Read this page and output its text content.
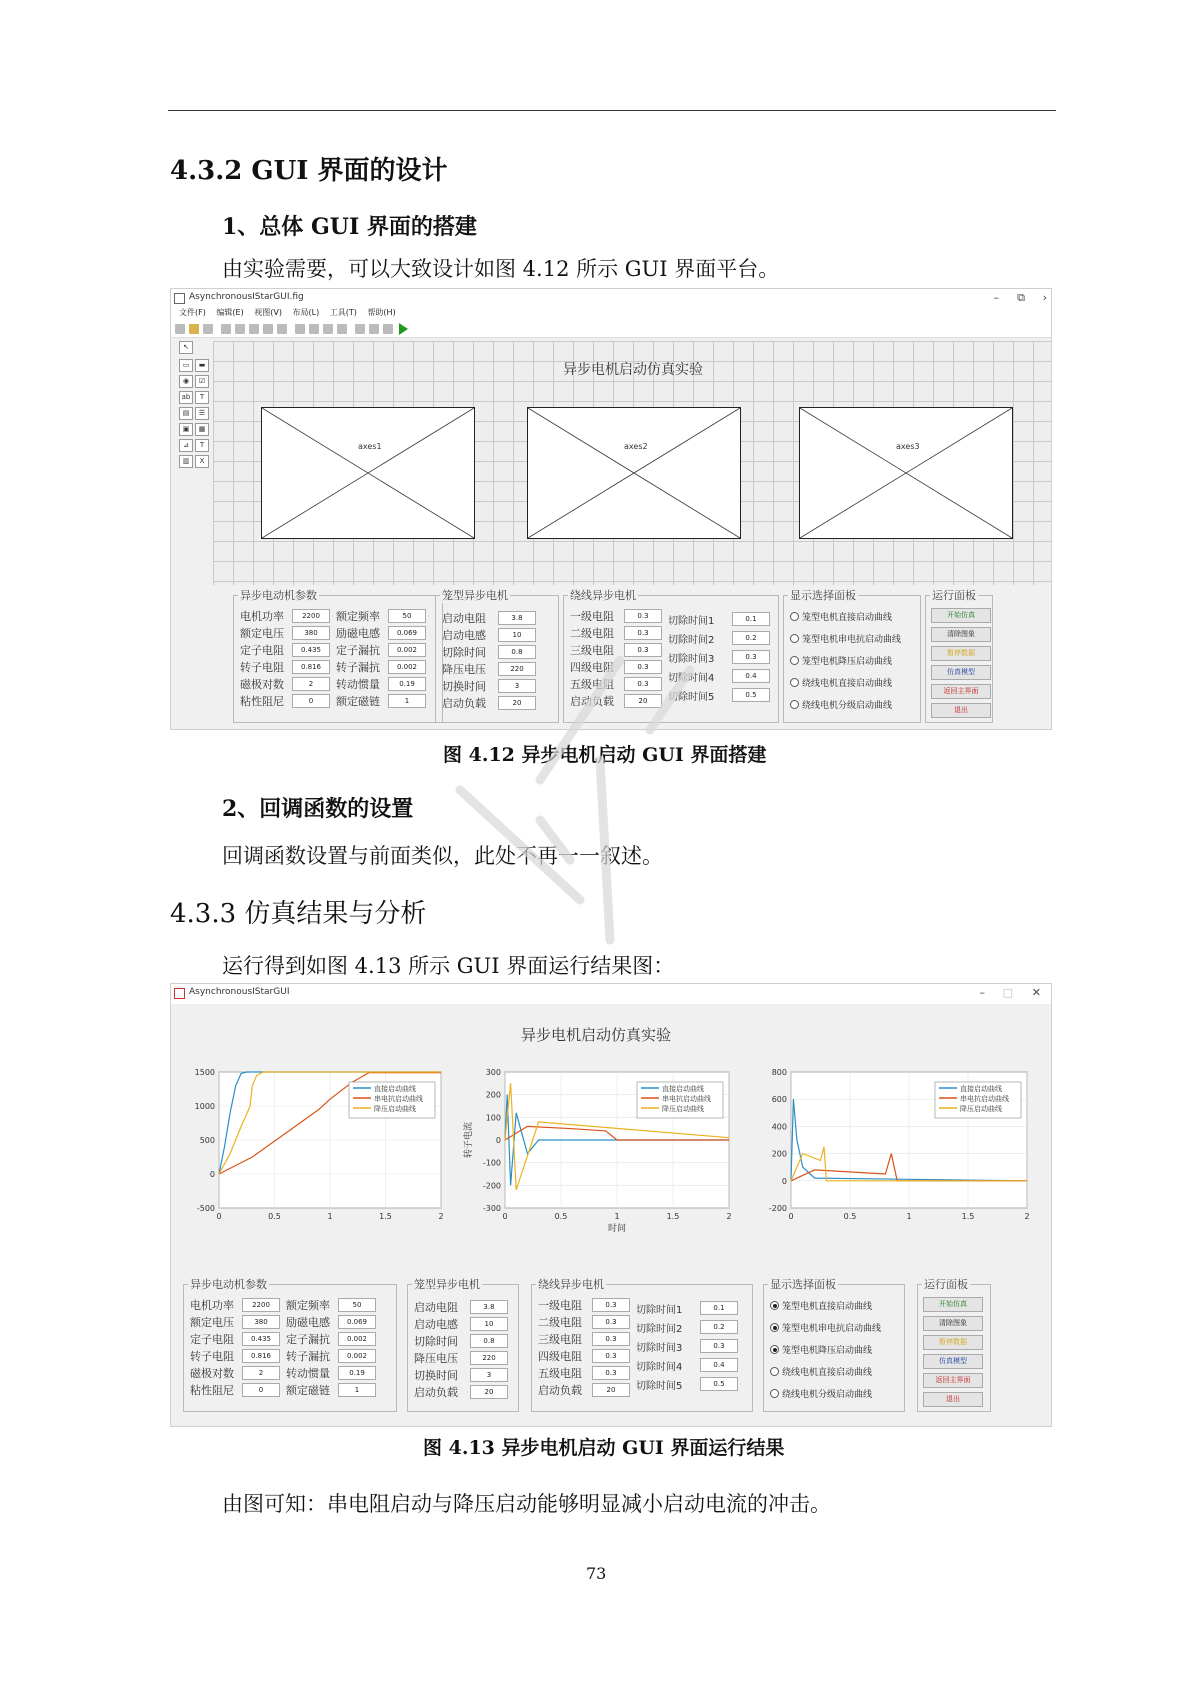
4.3.2 GUI 界面的设计
1、总体 GUI 界面的搭建
由实验需要，可以大致设计如图 4.12 所示 GUI 界面平台。
AsynchronousIStarGUI.fig	– ⧉ ›
文件(F) 编辑(E) 视图(V) 布局(L) 工具(T) 帮助(H)
↖
▭	▬
◉	☑
ab	T
▤	☰
▣	▦
⊿	T
▥	X
异步电机启动仿真实验
axes1	axes2	axes3
异步电动机参数
电机功率	2200	额定频率	50
额定电压	380	励磁电感	0.069
定子电阻	0.435	定子漏抗	0.002
转子电阻	0.816	转子漏抗	0.002
磁极对数	2	转动惯量	0.19
粘性阻尼	0	额定磁链	1
笼型异步电机
启动电阻	3.8
启动电感	10
切除时间	0.8
降压电压	220
切换时间	3
启动负载	20
绕线异步电机
一级电阻	0.3
二级电阻	0.3
三级电阻	0.3
四级电阻	0.3
五级电阻	0.3
启动负载	20
切除时间1	0.1
切除时间2	0.2
切除时间3	0.3
切除时间4	0.4
切除时间5	0.5
显示选择面板
笼型电机直接启动曲线
笼型电机串电抗启动曲线
笼型电机降压启动曲线
绕线电机直接启动曲线
绕线电机分级启动曲线
运行面板
开始仿真
清除图象
暂停数据
仿真模型
返回主界面
退出
图 4.12 异步电机启动 GUI 界面搭建
2、回调函数的设置
回调函数设置与前面类似，此处不再一一叙述。
4.3.3 仿真结果与分析
运行得到如图 4.13 所示 GUI 界面运行结果图：
AsynchronousIStarGUI	– □ ✕
异步电机启动仿真实验
-500
0
500
1000
1500
0	0.5	1	1.5	2
直接启动曲线
串电抗启动曲线
降压启动曲线
-300
-200
-100
0
100
200
300
0	0.5	1	1.5	2
直接启动曲线
串电抗启动曲线
降压启动曲线
转子电流
时间
-200
0
200
400
600
800
0	0.5	1	1.5	2
直接启动曲线
串电抗启动曲线
降压启动曲线
异步电动机参数
电机功率	2200	额定频率	50
额定电压	380	励磁电感	0.069
定子电阻	0.435	定子漏抗	0.002
转子电阻	0.816	转子漏抗	0.002
磁极对数	2	转动惯量	0.19
粘性阻尼	0	额定磁链	1
笼型异步电机
启动电阻	3.8
启动电感	10
切除时间	0.8
降压电压	220
切换时间	3
启动负载	20
绕线异步电机
一级电阻	0.3
二级电阻	0.3
三级电阻	0.3
四级电阻	0.3
五级电阻	0.3
启动负载	20
切除时间1	0.1
切除时间2	0.2
切除时间3	0.3
切除时间4	0.4
切除时间5	0.5
显示选择面板
笼型电机直接启动曲线
笼型电机串电抗启动曲线
笼型电机降压启动曲线
绕线电机直接启动曲线
绕线电机分级启动曲线
运行面板
开始仿真
清除图象
暂停数据
仿真模型
返回主界面
退出
图 4.13 异步电机启动 GUI 界面运行结果
由图可知：串电阻启动与降压启动能够明显减小启动电流的冲击。
73
